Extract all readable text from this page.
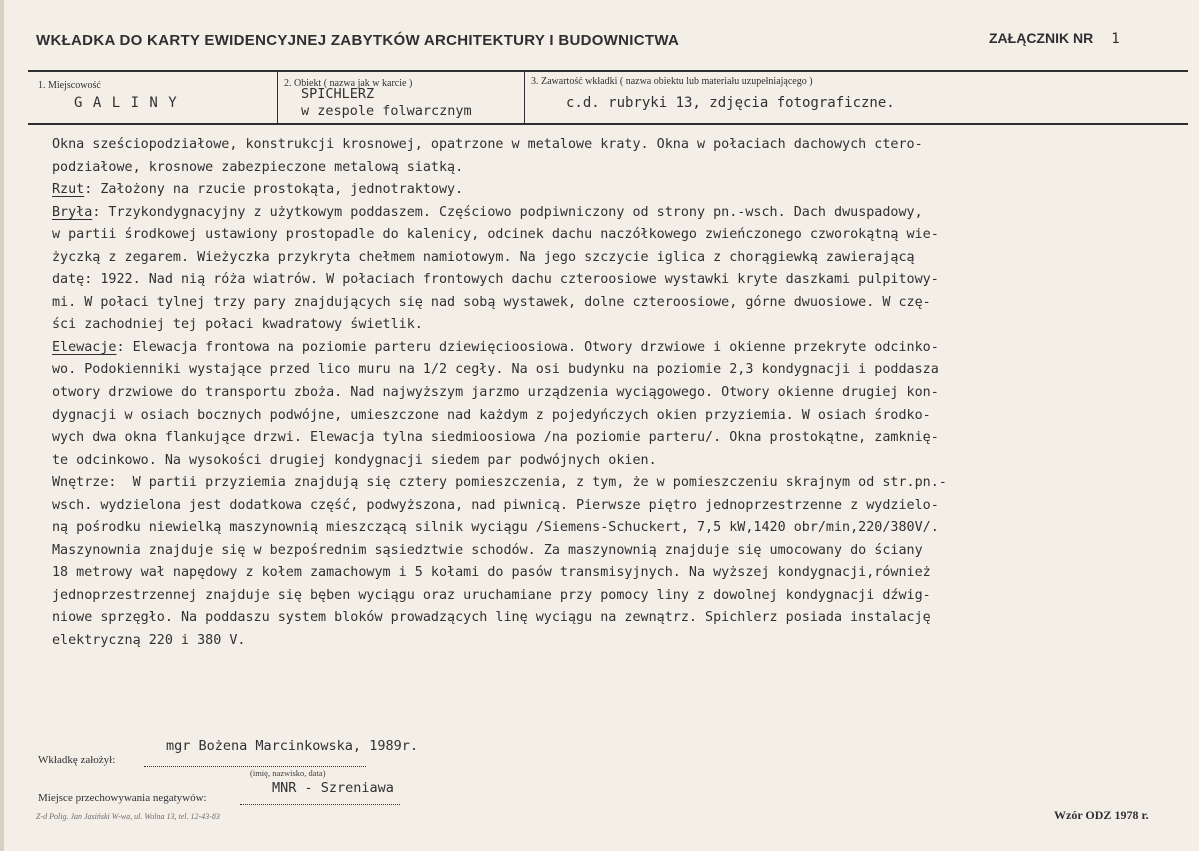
WKŁADKA DO KARTY EWIDENCYJNEJ ZABYTKÓW ARCHITEKTURY I BUDOWNICTWA	ZAŁĄCZNIK NR 1
1. Miejscowość
G A L I N Y
2. Obiekt ( nazwa jak w karcie )
SPICHLERZ
w zespole folwarcznym
3. Zawartość wkładki ( nazwa obiektu lub materiału uzupełniającego )
c.d. rubryki 13, zdjęcia fotograficzne.
Okna sześciopodziałowe, konstrukcji krosnowej, opatrzone w metalowe kraty. Okna w połaciach dachowych ctero-
podziałowe, krosnowe zabezpieczone metalową siatką.
Rzut: Założony na rzucie prostokąta, jednotraktowy.
Bryła: Trzykondygnacyjny z użytkowym poddaszem. Częściowo podpiwniczony od strony pn.-wsch. Dach dwuspadowy,
w partii środkowej ustawiony prostopadle do kalenicy, odcinek dachu naczółkowego zwieńczonego czworokątną wie-
życzką z zegarem. Wieżyczka przykryta chełmem namiotowym. Na jego szczycie iglica z chorągiewką zawierającą
datę: 1922. Nad nią róża wiatrów. W połaciach frontowych dachu czteroosiowe wystawki kryte daszkami pulpitowy-
mi. W połaci tylnej trzy pary znajdujących się nad sobą wystawek, dolne czteroosiowe, górne dwuosiowe. W czę-
ści zachodniej tej połaci kwadratowy świetlik.
Elewacje: Elewacja frontowa na poziomie parteru dziewięcioosiowa. Otwory drzwiowe i okienne przekryte odcinko-
wo. Podokienniki wystające przed lico muru na 1/2 cegły. Na osi budynku na poziomie 2,3 kondygnacji i poddasza
otwory drzwiowe do transportu zboża. Nad najwyższym jarzmo urządzenia wyciągowego. Otwory okienne drugiej kon-
dygnacji w osiach bocznych podwójne, umieszczone nad każdym z pojedyńczych okien przyziemia. W osiach środko-
wych dwa okna flankujące drzwi. Elewacja tylna siedmioosiowa /na poziomie parteru/. Okna prostokątne, zamknię-
te odcinkowo. Na wysokości drugiej kondygnacji siedem par podwójnych okien.
Wnętrze:  W partii przyziemia znajdują się cztery pomieszczenia, z tym, że w pomieszczeniu skrajnym od str.pn.-
wsch. wydzielona jest dodatkowa część, podwyższona, nad piwnicą. Pierwsze piętro jednoprzestrzenne z wydzielo-
ną pośrodku niewielką maszynownią mieszczącą silnik wyciągu /Siemens-Schuckert, 7,5 kW,1420 obr/min,220/380V/.
Maszynownia znajduje się w bezpośrednim sąsiedztwie schodów. Za maszynownią znajduje się umocowany do ściany
18 metrowy wał napędowy z kołem zamachowym i 5 kołami do pasów transmisyjnych. Na wyższej kondygnacji,również
jednoprzestrzennej znajduje się bęben wyciągu oraz uruchamiane przy pomocy liny z dowolnej kondygnacji dźwig-
niowe sprzęgło. Na poddaszu system bloków prowadzących linę wyciągu na zewnątrz. Spichlerz posiada instalację
elektryczną 220 i 380 V.
Wkładkę założył:
mgr Bożena Marcinkowska, 1989r.
(imię, nazwisko, data)
Miejsce przechowywania negatywów:
MNR - Szreniawa
Z-d Polig. Jan Jasiński W-wa, ul. Wolna 13, tel. 12-43-83	Wzór ODZ 1978 r.
